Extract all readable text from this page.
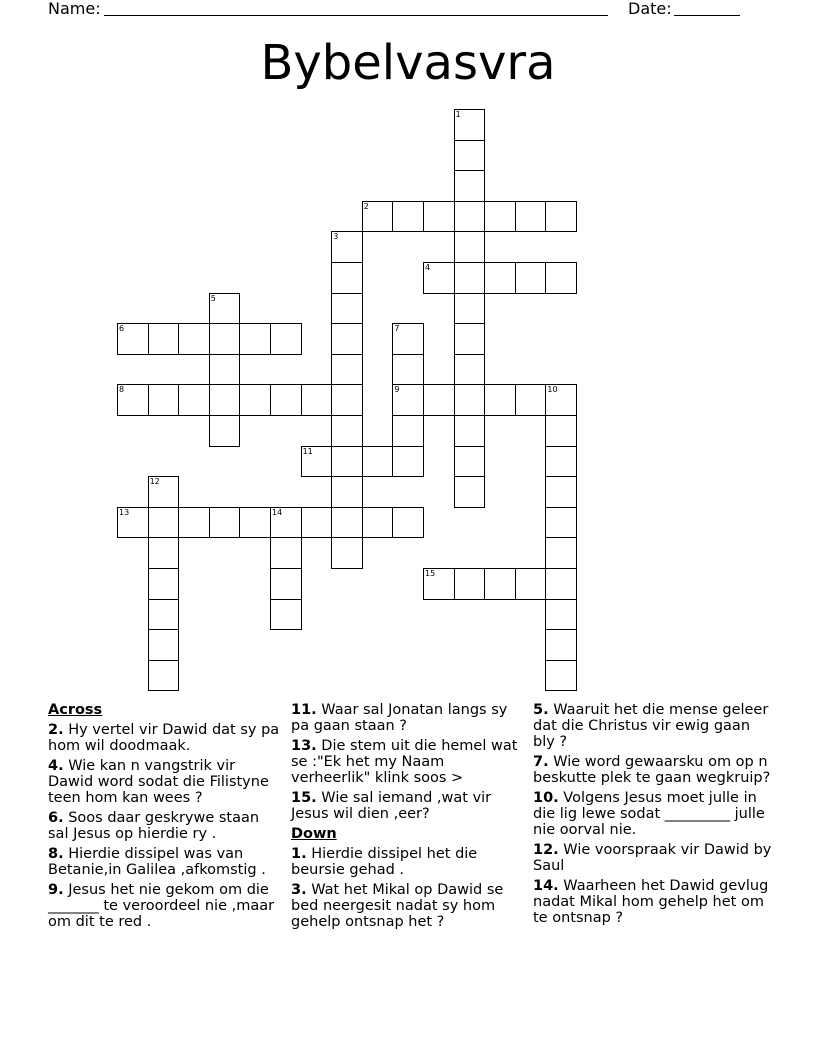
Name:	Date:
Bybelvasvra
1
2
3
4
5
6	7
8	9	10
11
12
13	14
15
Across
2. Hy vertel vir Dawid dat sy pa hom wil doodmaak.
4. Wie kan n vangstrik vir Dawid word sodat die Filistyne teen hom kan wees ?
6. Soos daar geskrywe staan sal Jesus op hierdie ry .
8. Hierdie dissipel was van Betanie,in Galilea ,afkomstig .
9. Jesus het nie gekom om die _______ te veroordeel nie ,maar om dit te red .
11. Waar sal Jonatan langs sy pa gaan staan ?
13. Die stem uit die hemel wat se :"Ek het my Naam verheerlik" klink soos >
15. Wie sal iemand ,wat vir Jesus wil dien ,eer?
Down
1. Hierdie dissipel het die beursie gehad .
3. Wat het Mikal op Dawid se bed neergesit nadat sy hom gehelp ontsnap het ?
5. Waaruit het die mense geleer dat die Christus vir ewig gaan bly ?
7. Wie word gewaarsku om op n beskutte plek te gaan wegkruip?
10. Volgens Jesus moet julle in die lig lewe sodat _________ julle nie oorval nie.
12. Wie voorspraak vir Dawid by Saul
14. Waarheen het Dawid gevlug nadat Mikal hom gehelp het om te ontsnap ?
